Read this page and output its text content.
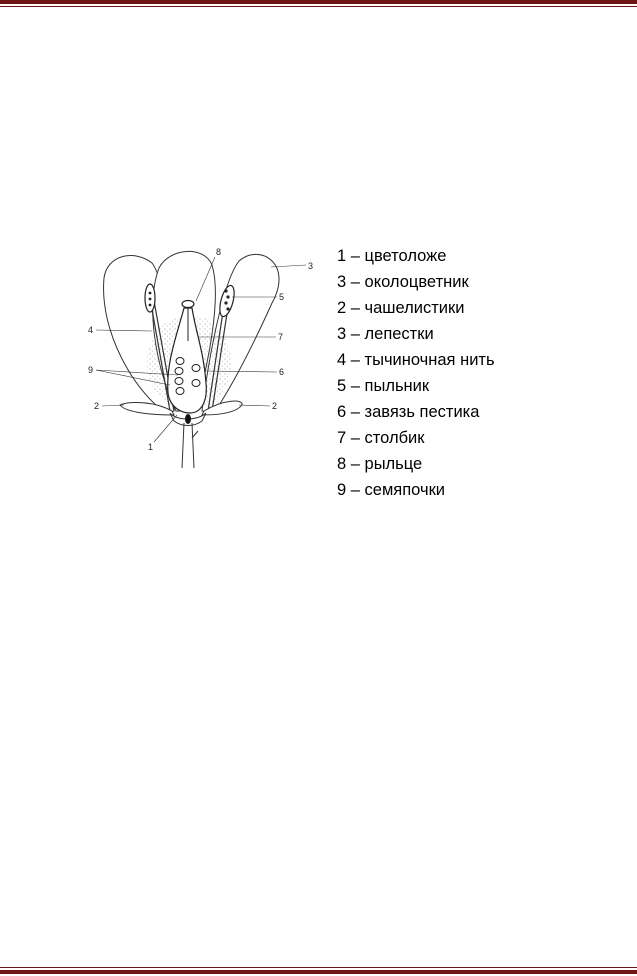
8
3
5
4
7
9	6
2	2
1
1 – цветоложе
3 – околоцветник
2 – чашелистики
3 – лепестки
4 – тычиночная нить
5 – пыльник
6 – завязь пестика
7 – столбик
8 – рыльце
9 – семяпочки
